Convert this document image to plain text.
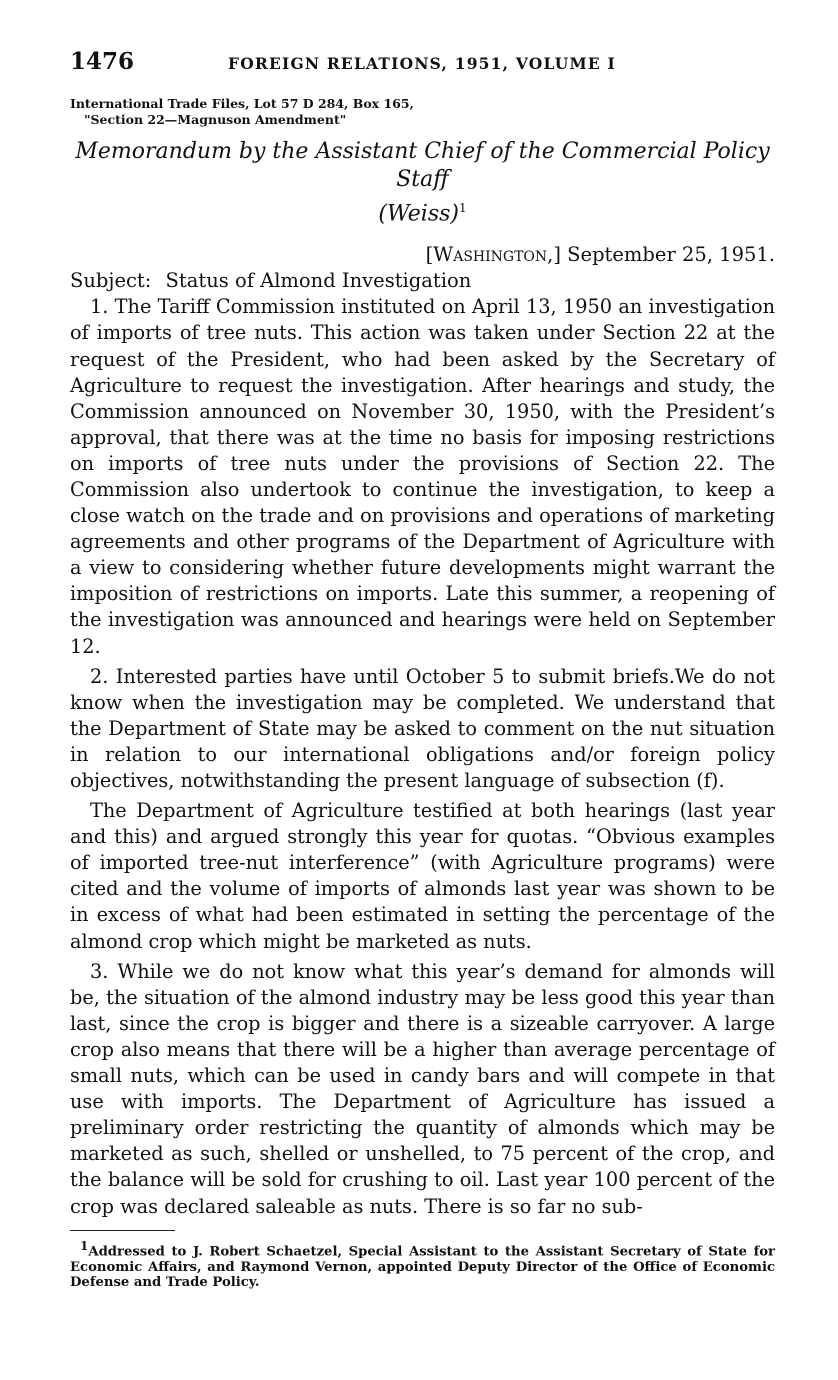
1476	FOREIGN RELATIONS, 1951, VOLUME I
International Trade Files, Lot 57 D 284, Box 165,
"Section 22—Magnuson Amendment"
Memorandum by the Assistant Chief of the Commercial Policy Staff
(Weiss)$^1$
[Washington,] September 25, 1951.
Subject: Status of Almond Investigation

1. The Tariff Commission instituted on April 13, 1950 an investigation of imports of tree nuts. This action was taken under Section 22 at the request of the President, who had been asked by the Secretary of Agriculture to request the investigation. After hearings and study, the Commission announced on November 30, 1950, with the President’s approval, that there was at the time no basis for imposing restrictions on imports of tree nuts under the provisions of Section 22. The Commission also undertook to continue the investigation, to keep a close watch on the trade and on provisions and operations of marketing agreements and other programs of the Department of Agriculture with a view to considering whether future developments might warrant the imposition of restrictions on imports. Late this summer, a reopening of the investigation was announced and hearings were held on September 12.

2. Interested parties have until October 5 to submit briefs.We do not know when the investigation may be completed. We understand that the Department of State may be asked to comment on the nut situation in relation to our international obligations and/or foreign policy objectives, notwithstanding the present language of subsection (f).

The Department of Agriculture testified at both hearings (last year and this) and argued strongly this year for quotas. “Obvious examples of imported tree-nut interference” (with Agriculture programs) were cited and the volume of imports of almonds last year was shown to be in excess of what had been estimated in setting the percentage of the almond crop which might be marketed as nuts.

3. While we do not know what this year’s demand for almonds will be, the situation of the almond industry may be less good this year than last, since the crop is bigger and there is a sizeable carryover. A large crop also means that there will be a higher than average percentage of small nuts, which can be used in candy bars and will compete in that use with imports. The Department of Agriculture has issued a preliminary order restricting the quantity of almonds which may be marketed as such, shelled or unshelled, to 75 percent of the crop, and the balance will be sold for crushing to oil. Last year 100 percent of the crop was declared saleable as nuts. There is so far no sub-

$^1$Addressed to J. Robert Schaetzel, Special Assistant to the Assistant Secretary of State for Economic Affairs, and Raymond Vernon, appointed Deputy Director of the Office of Economic Defense and Trade Policy.
